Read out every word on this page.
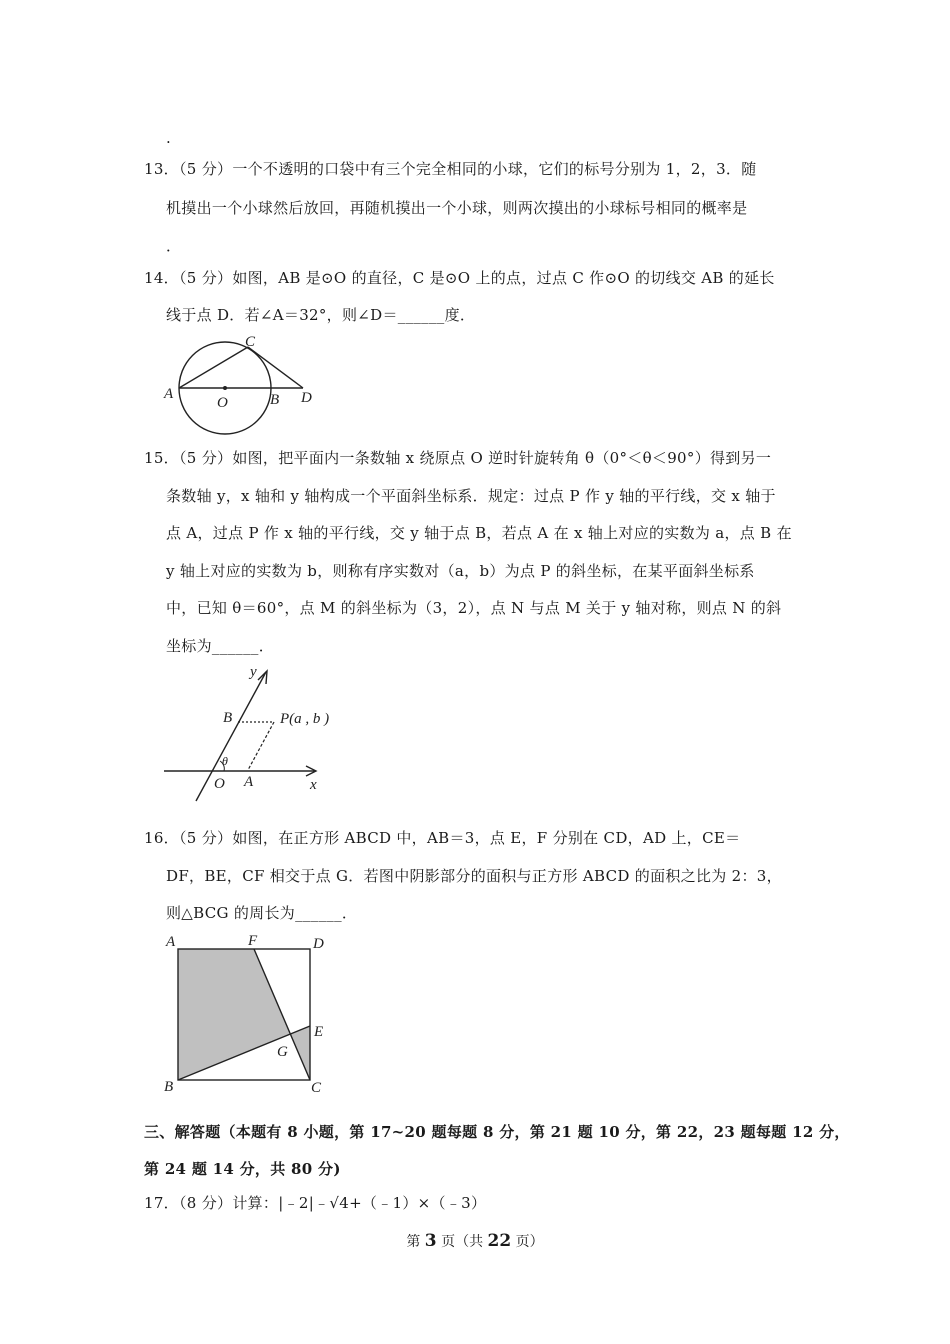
.
13．（5 分）一个不透明的口袋中有三个完全相同的小球，它们的标号分别为 1，2，3．随
机摸出一个小球然后放回，再随机摸出一个小球，则两次摸出的小球标号相同的概率是
．
14．（5 分）如图，AB 是⊙O 的直径，C 是⊙O 上的点，过点 C 作⊙O 的切线交 AB 的延长
线于点 D．若∠A＝32°，则∠D＝______度．
A
O	B
C
D
15．（5 分）如图，把平面内一条数轴 x 绕原点 O 逆时针旋转角 θ（0°＜θ＜90°）得到另一
条数轴 y，x 轴和 y 轴构成一个平面斜坐标系．规定：过点 P 作 y 轴的平行线，交 x 轴于
点 A，过点 P 作 x 轴的平行线，交 y 轴于点 B，若点 A 在 x 轴上对应的实数为 a，点 B 在
y 轴上对应的实数为 b，则称有序实数对（a，b）为点 P 的斜坐标，在某平面斜坐标系
中，已知 θ＝60°，点 M 的斜坐标为（3，2），点 N 与点 M 关于 y 轴对称，则点 N 的斜
坐标为______．
y
x
B	P(a , b )
θ
O A
16．（5 分）如图，在正方形 ABCD 中，AB＝3，点 E，F 分别在 CD，AD 上，CE＝
DF，BE，CF 相交于点 G．若图中阴影部分的面积与正方形 ABCD 的面积之比为 2：3，
则△BCG 的周长为______．
A	F	D
E
G
B	C
三、解答题（本题有 8 小题，第 17~20 题每题 8 分，第 21 题 10 分，第 22，23 题每题 12 分，
第 24 题 14 分，共 80 分)
17．（8 分）计算：|﹣2|﹣√4+（﹣1）×（﹣3）
第 3 页（共 22 页）
